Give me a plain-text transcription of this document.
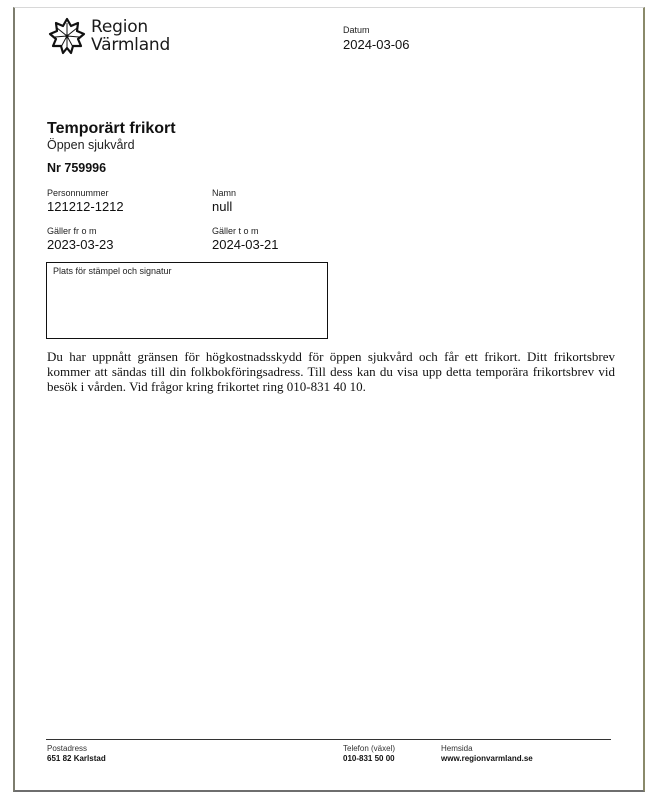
Region
Värmland
Datum
2024-03-06
Temporärt frikort
Öppen sjukvård
Nr 759996
Personnummer
121212-1212
Namn
null
Gäller fr o m
2023-03-23
Gäller t o m
2024-03-21
Plats för stämpel och signatur
Du har uppnått gränsen för högkostnadsskydd för öppen sjukvård och får ett frikort. Ditt frikortsbrev kommer att sändas till din folkbokföringsadress. Till dess kan du visa upp detta temporära frikortsbrev vid besök i vården. Vid frågor kring frikortet ring 010-831 40 10.
Postadress
651 82 Karlstad
Telefon (växel)
010-831 50 00
Hemsida
www.regionvarmland.se
